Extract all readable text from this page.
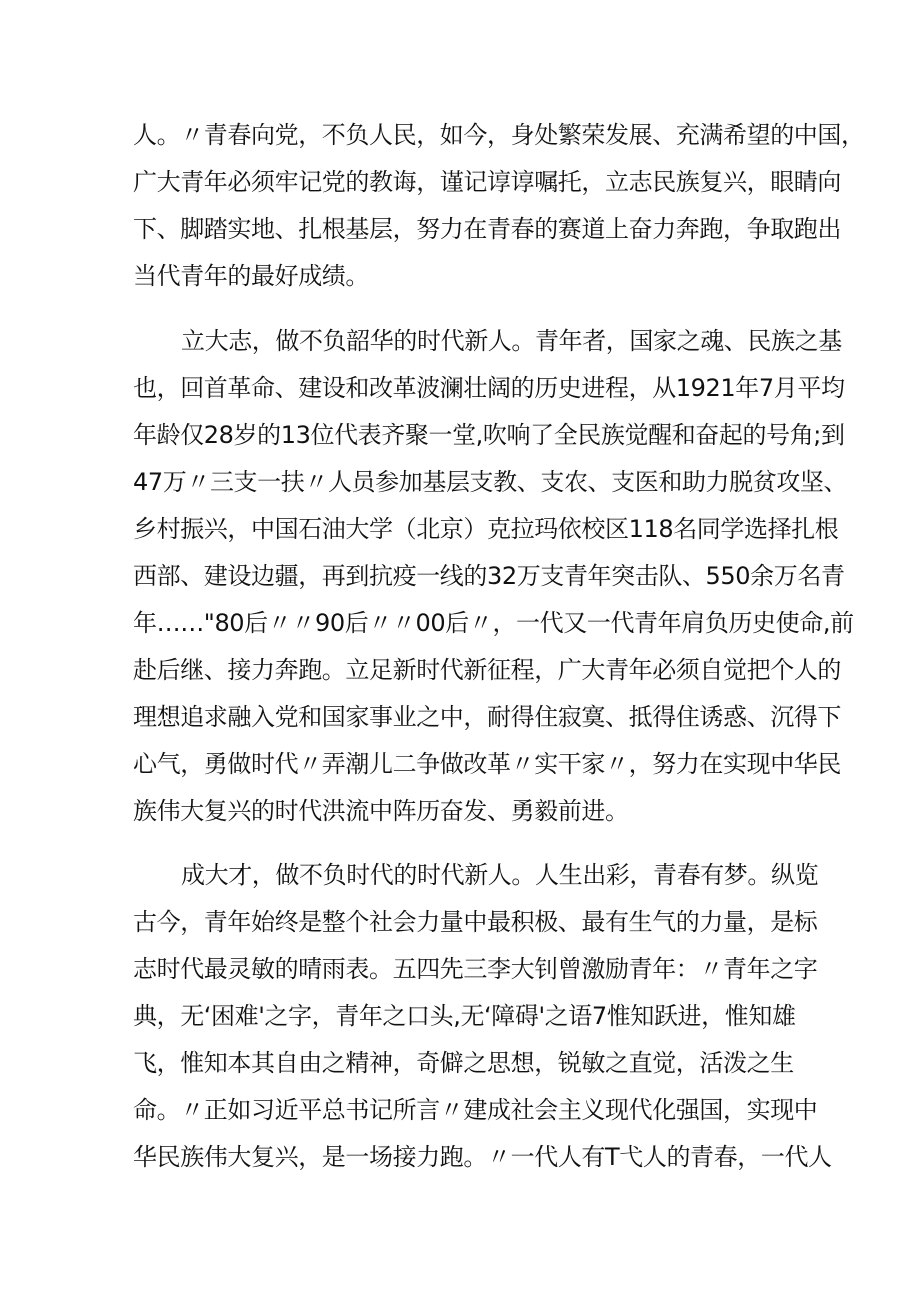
人。〃青春向党，不负人民，如今，身处繁荣发展、充满希望的中国，
广大青年必须牢记党的教诲，谨记谆谆嘱托，立志民族复兴，眼睛向
下、脚踏实地、扎根基层，努力在青春的赛道上奋力奔跑，争取跑出
当代青年的最好成绩。
立大志，做不负韶华的时代新人。青年者，国家之魂、民族之基
也，回首革命、建设和改革波澜壮阔的历史进程，从1921年7月平均
年龄仅28岁的13位代表齐聚一堂,吹响了全民族觉醒和奋起的号角;到
47万〃三支一扶〃人员参加基层支教、支农、支医和助力脱贫攻坚、
乡村振兴，中国石油大学（北京）克拉玛依校区118名同学选择扎根
西部、建设边疆，再到抗疫一线的32万支青年突击队、550余万名青
年……"80后〃〃90后〃〃00后〃，一代又一代青年肩负历史使命,前
赴后继、接力奔跑。立足新时代新征程，广大青年必须自觉把个人的
理想追求融入党和国家事业之中，耐得住寂寞、抵得住诱惑、沉得下
心气，勇做时代〃弄潮儿二争做改革〃实干家〃，努力在实现中华民
族伟大复兴的时代洪流中阵历奋发、勇毅前进。
成大才，做不负时代的时代新人。人生出彩，青春有梦。纵览
古今，青年始终是整个社会力量中最积极、最有生气的力量，是标
志时代最灵敏的晴雨表。五四先三李大钊曾激励青年：〃青年之字
典，无‘困难'之字，青年之口头,无‘障碍'之语7惟知跃进，惟知雄
飞，惟知本其自由之精神，奇僻之思想，锐敏之直觉，活泼之生
命。〃正如习近平总书记所言〃建成社会主义现代化强国，实现中
华民族伟大复兴，是一场接力跑。〃一代人有T弋人的青春，一代人
